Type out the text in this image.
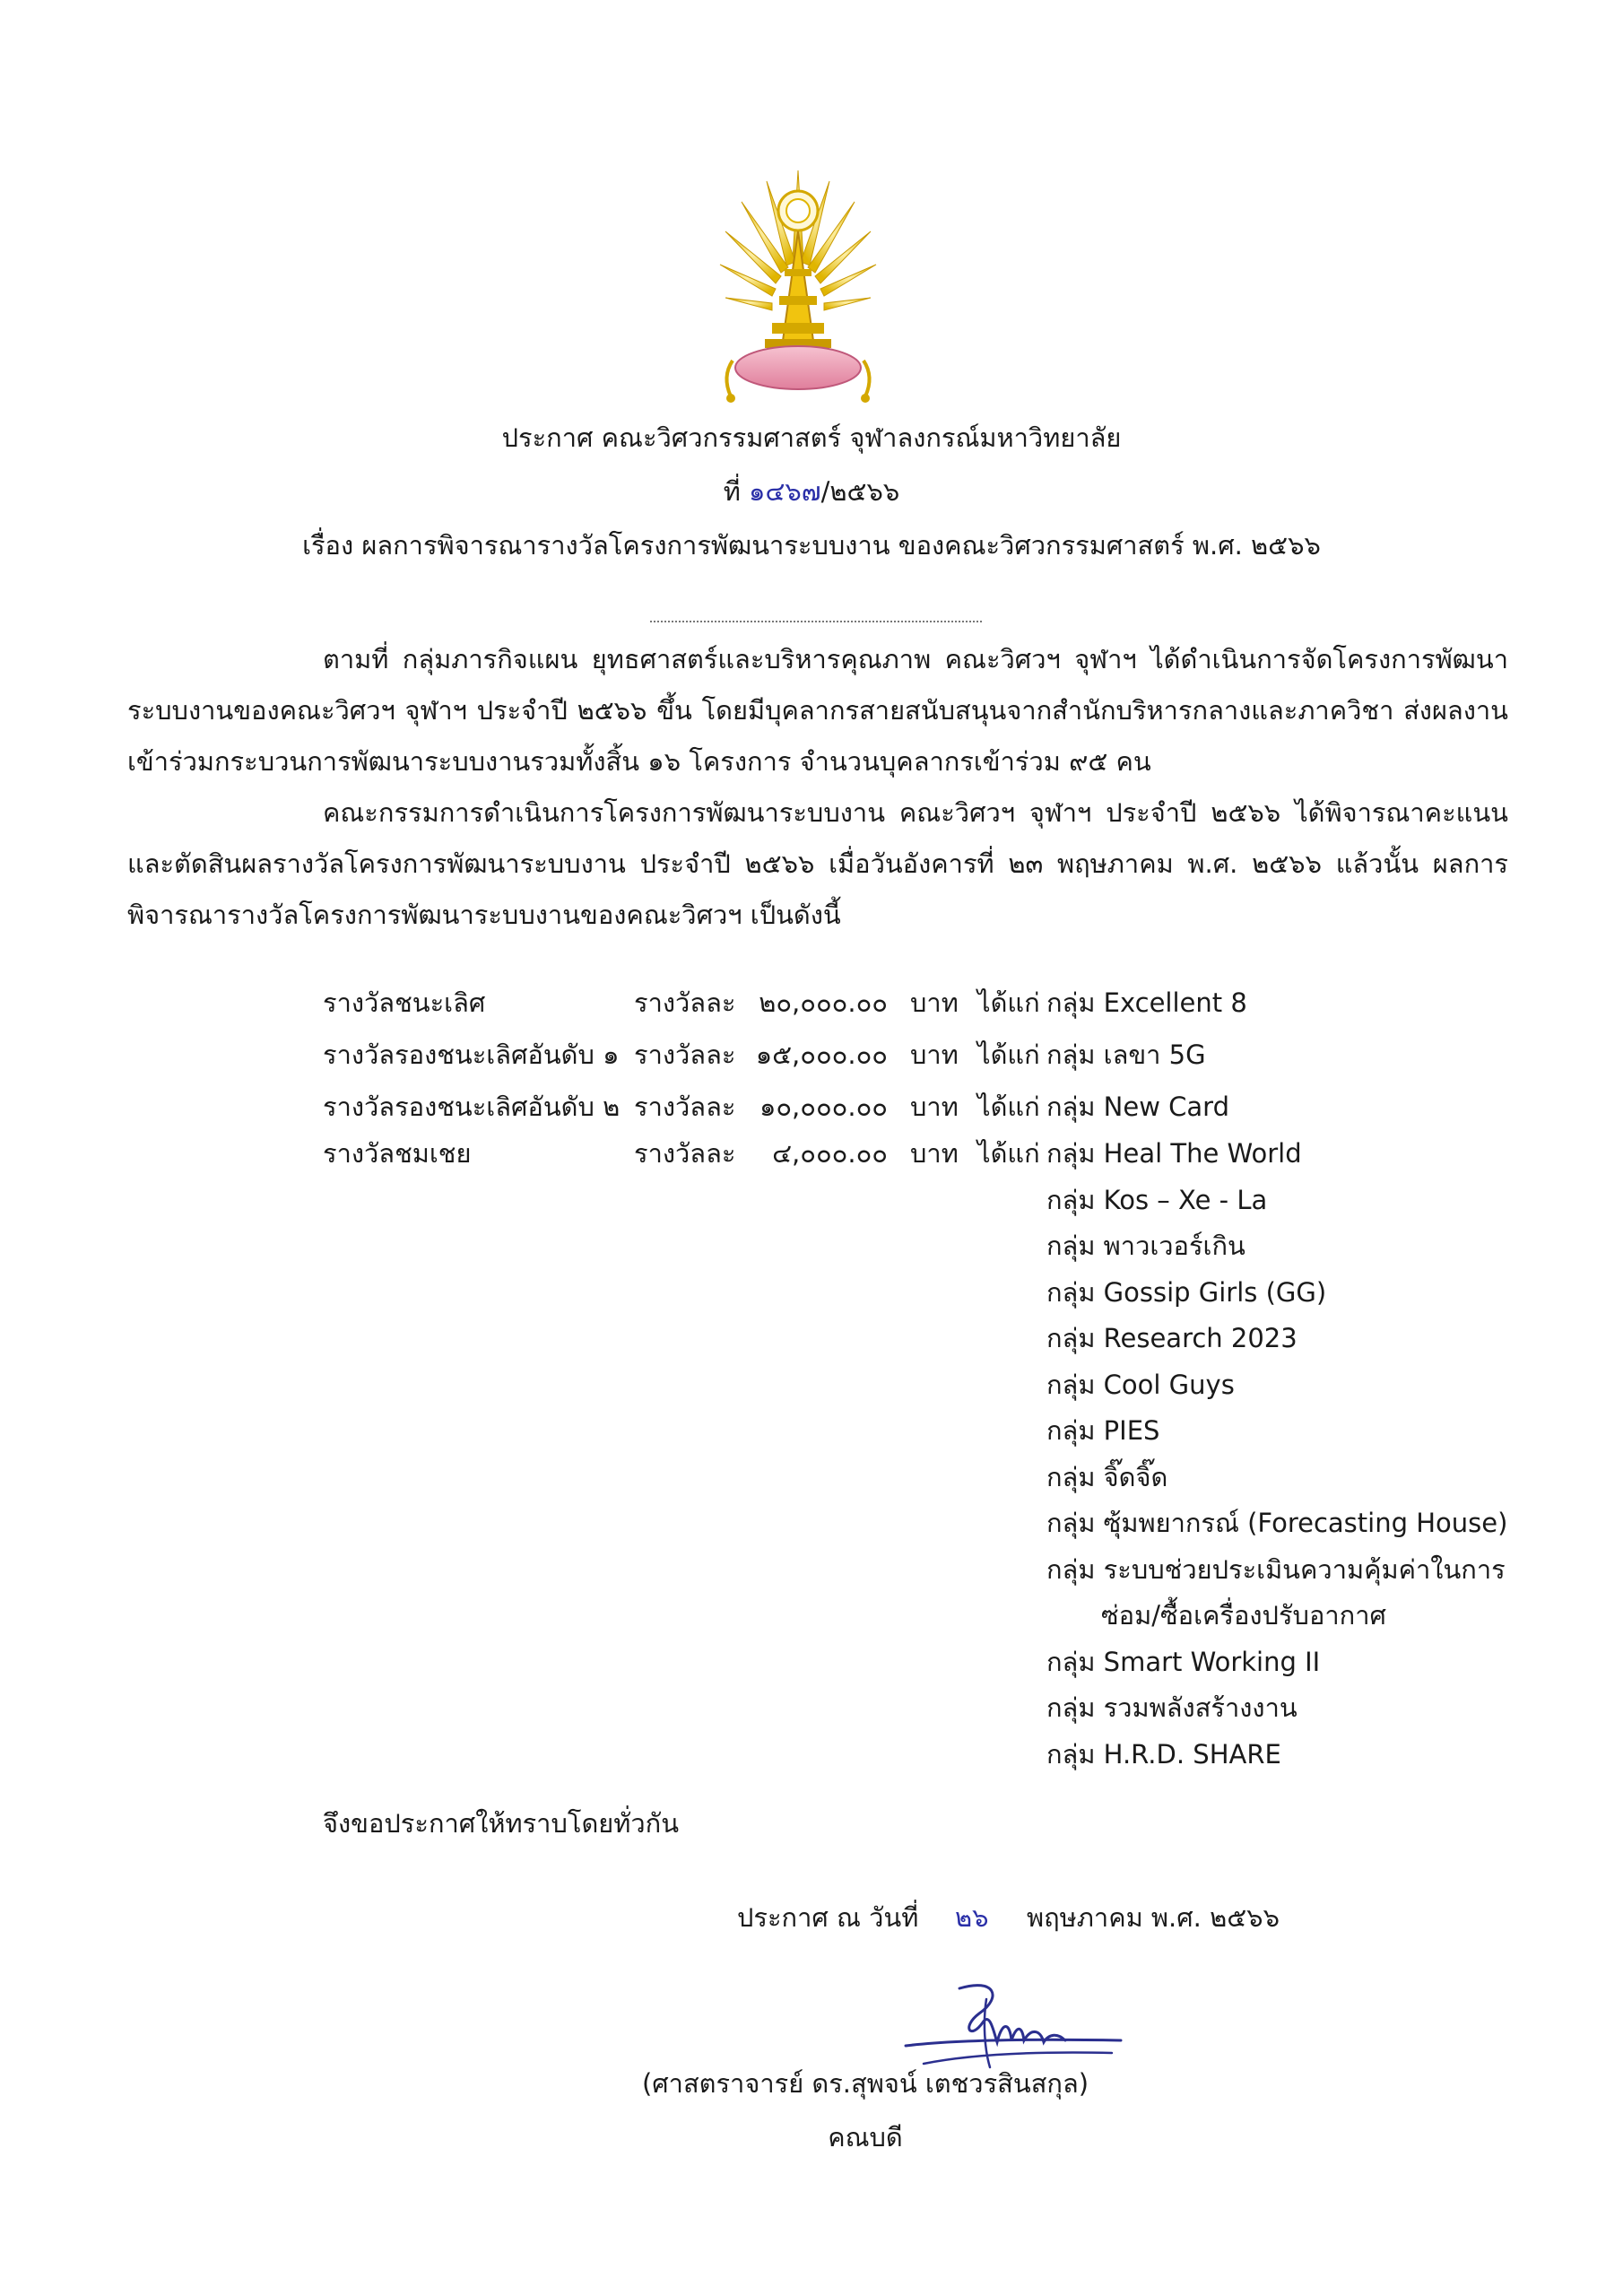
ประกาศ คณะวิศวกรรมศาสตร์ จุฬาลงกรณ์มหาวิทยาลัย
ที่ ๑๔๖๗/๒๕๖๖
เรื่อง ผลการพิจารณารางวัลโครงการพัฒนาระบบงาน ของคณะวิศวกรรมศาสตร์ พ.ศ. ๒๕๖๖
ตามที่ กลุ่มภารกิจแผน ยุทธศาสตร์และบริหารคุณภาพ คณะวิศวฯ จุฬาฯ ได้ดำเนินการจัดโครงการพัฒนาระบบงานของคณะวิศวฯ จุฬาฯ ประจำปี ๒๕๖๖ ขึ้น โดยมีบุคลากรสายสนับสนุนจากสำนักบริหารกลางและภาควิชา ส่งผลงานเข้าร่วมกระบวนการพัฒนาระบบงานรวมทั้งสิ้น ๑๖ โครงการ จำนวนบุคลากรเข้าร่วม ๙๕ คน
คณะกรรมการดำเนินการโครงการพัฒนาระบบงาน คณะวิศวฯ จุฬาฯ ประจำปี ๒๕๖๖ ได้พิจารณาคะแนนและตัดสินผลรางวัลโครงการพัฒนาระบบงาน ประจำปี ๒๕๖๖ เมื่อวันอังคารที่ ๒๓ พฤษภาคม พ.ศ. ๒๕๖๖ แล้วนั้น ผลการพิจารณารางวัลโครงการพัฒนาระบบงานของคณะวิศวฯ เป็นดังนี้
รางวัลชนะเลิศ	รางวัลละ ๒๐,๐๐๐.๐๐ บาท ได้แก่ กลุ่ม Excellent 8
รางวัลรองชนะเลิศอันดับ ๑ รางวัลละ ๑๕,๐๐๐.๐๐ บาท ได้แก่ กลุ่ม เลขา 5G
รางวัลรองชนะเลิศอันดับ ๒ รางวัลละ ๑๐,๐๐๐.๐๐ บาท ได้แก่ กลุ่ม New Card
รางวัลชมเชย	รางวัลละ	๔,๐๐๐.๐๐ บาท ได้แก่ กลุ่ม Heal The World
กลุ่ม Kos – Xe - La
กลุ่ม พาวเวอร์เกิน
กลุ่ม Gossip Girls (GG)
กลุ่ม Research 2023
กลุ่ม Cool Guys
กลุ่ม PIES
กลุ่ม จิ๊ดจิ๊ด
กลุ่ม ซุ้มพยากรณ์ (Forecasting House)
กลุ่ม ระบบช่วยประเมินความคุ้มค่าในการ
ซ่อม/ซื้อเครื่องปรับอากาศ
กลุ่ม Smart Working II
กลุ่ม รวมพลังสร้างงาน
กลุ่ม H.R.D. SHARE
จึงขอประกาศให้ทราบโดยทั่วกัน
ประกาศ ณ วันที่ ๒๖ พฤษภาคม พ.ศ. ๒๕๖๖
(ศาสตราจารย์ ดร.สุพจน์ เตชวรสินสกุล)
คณบดี
